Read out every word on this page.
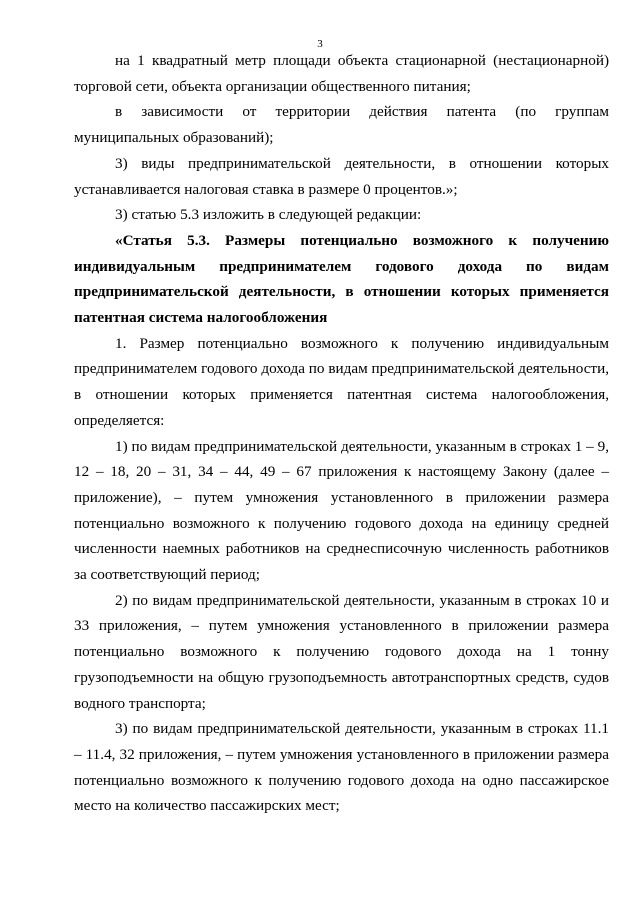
3

на 1 квадратный метр площади объекта стационарной (нестационарной) торговой сети, объекта организации общественного питания;

в зависимости от территории действия патента (по группам муниципальных образований);

3) виды предпринимательской деятельности, в отношении которых устанавливается налоговая ставка в размере 0 процентов.»;

3) статью 5.3 изложить в следующей редакции:

«Статья 5.3. Размеры потенциально возможного к получению индивидуальным предпринимателем годового дохода по видам предпринимательской деятельности, в отношении которых применяется патентная система налогообложения

1. Размер потенциально возможного к получению индивидуальным предпринимателем годового дохода по видам предпринимательской деятельности, в отношении которых применяется патентная система налогообложения, определяется:

1) по видам предпринимательской деятельности, указанным в строках 1 – 9, 12 – 18, 20 – 31, 34 – 44, 49 – 67 приложения к настоящему Закону (далее – приложение), – путем умножения установленного в приложении размера потенциально возможного к получению годового дохода на единицу средней численности наемных работников на среднесписочную численность работников за соответствующий период;

2) по видам предпринимательской деятельности, указанным в строках 10 и 33 приложения, – путем умножения установленного в приложении размера потенциально возможного к получению годового дохода на 1 тонну грузоподъемности на общую грузоподъемность автотранспортных средств, судов водного транспорта;

3) по видам предпринимательской деятельности, указанным в строках 11.1 – 11.4, 32 приложения, – путем умножения установленного в приложении размера потенциально возможного к получению годового дохода на одно пассажирское место на количество пассажирских мест;
